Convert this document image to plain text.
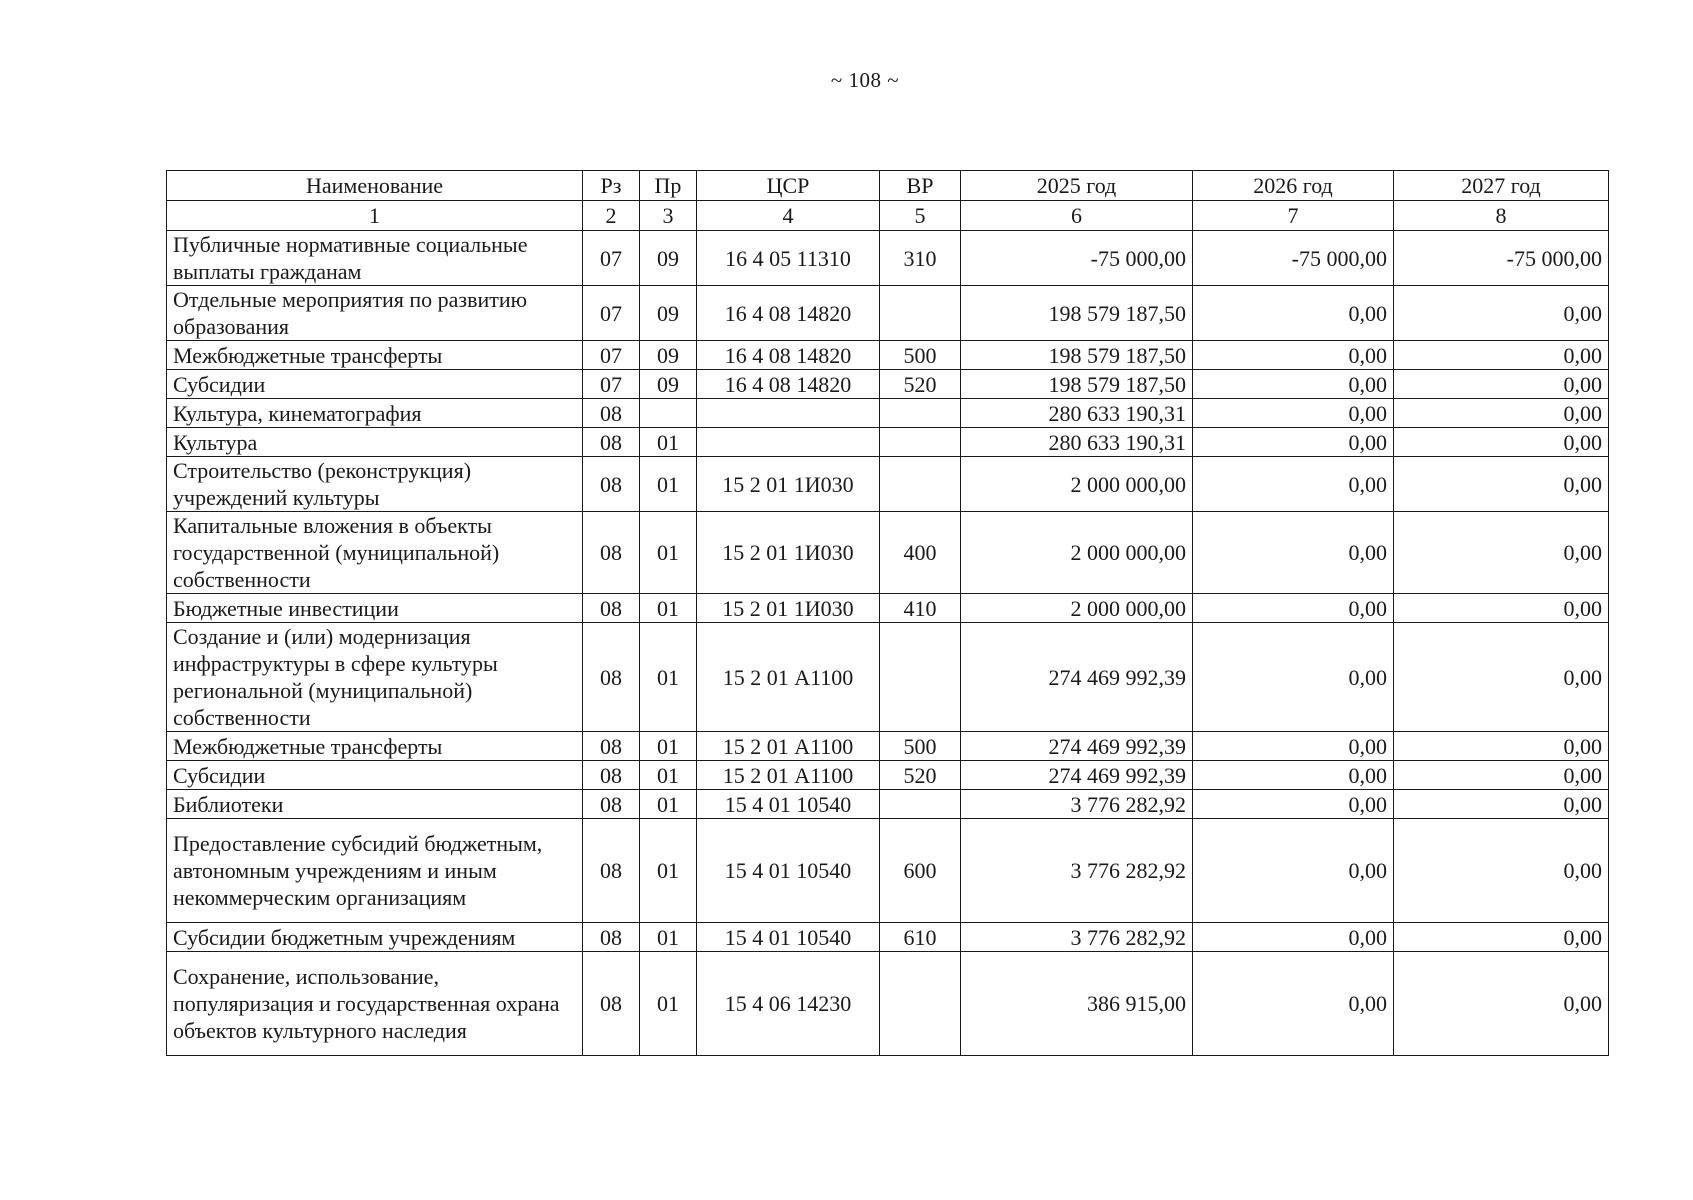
~ 108 ~
Наименование	Рз	Пр	ЦСР	ВР	2025 год	2026 год	2027 год
1	2	3	4	5	6	7	8
Публичные нормативные социальные выплаты гражданам	07	09	16 4 05 11310	310	-75 000,00	-75 000,00	-75 000,00
Отдельные мероприятия по развитию образования	07	09	16 4 08 14820		198 579 187,50	0,00	0,00
Межбюджетные трансферты	07	09	16 4 08 14820	500	198 579 187,50	0,00	0,00
Субсидии	07	09	16 4 08 14820	520	198 579 187,50	0,00	0,00
Культура, кинематография	08				280 633 190,31	0,00	0,00
Культура	08	01			280 633 190,31	0,00	0,00
Строительство (реконструкция) учреждений культуры	08	01	15 2 01 1И030		2 000 000,00	0,00	0,00
Капитальные вложения в объекты государственной (муниципальной) собственности	08	01	15 2 01 1И030	400	2 000 000,00	0,00	0,00
Бюджетные инвестиции	08	01	15 2 01 1И030	410	2 000 000,00	0,00	0,00
Создание и (или) модернизация инфраструктуры в сфере культуры региональной (муниципальной) собственности	08	01	15 2 01 А1100		274 469 992,39	0,00	0,00
Межбюджетные трансферты	08	01	15 2 01 А1100	500	274 469 992,39	0,00	0,00
Субсидии	08	01	15 2 01 А1100	520	274 469 992,39	0,00	0,00
Библиотеки	08	01	15 4 01 10540		3 776 282,92	0,00	0,00
Предоставление субсидий бюджетным, автономным учреждениям и иным некоммерческим организациям	08	01	15 4 01 10540	600	3 776 282,92	0,00	0,00
Субсидии бюджетным учреждениям	08	01	15 4 01 10540	610	3 776 282,92	0,00	0,00
Сохранение, использование, популяризация и государственная охрана объектов культурного наследия	08	01	15 4 06 14230		386 915,00	0,00	0,00
